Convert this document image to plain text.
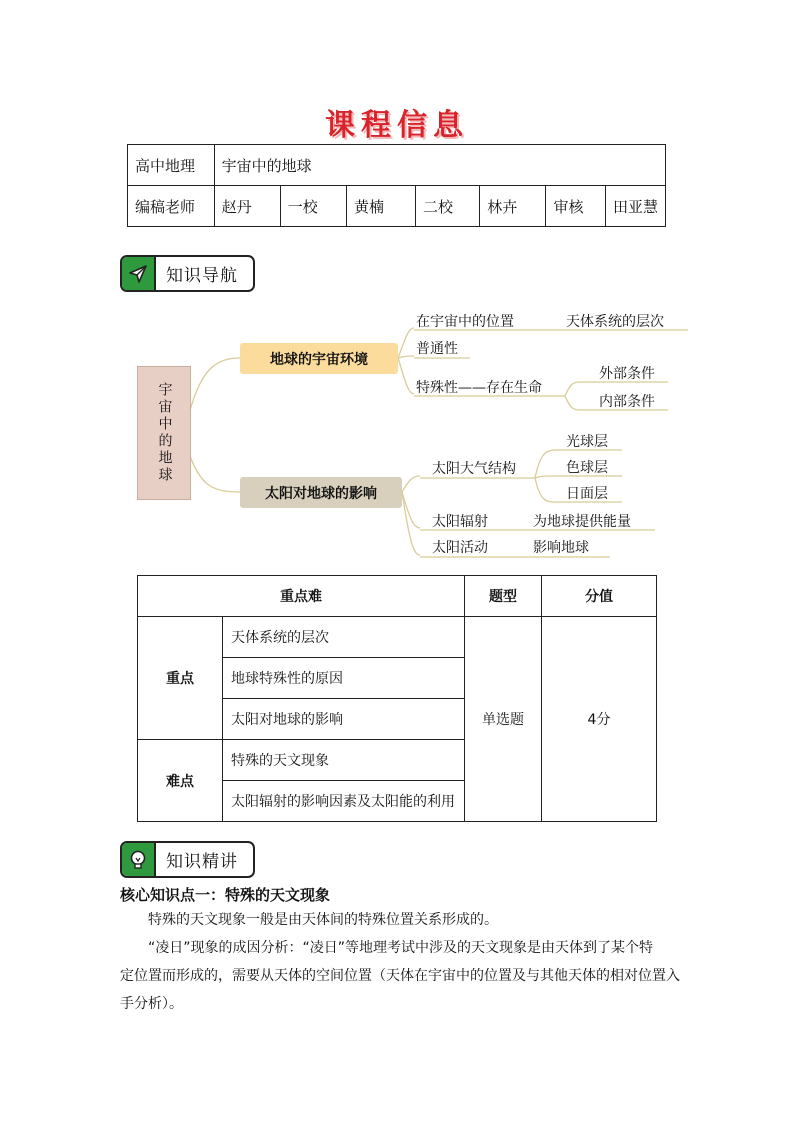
课程信息
高中地理	宇宙中的地球						
编稿老师	赵丹	一校	黄楠	二校	林卉	审核	田亚慧
知识导航
宇宙中的地球
地球的宇宙环境
太阳对地球的影响
在宇宙中的位置	天体系统的层次
普通性
特殊性——存在生命
外部条件
内部条件
太阳大气结构
光球层
色球层
日面层
太阳辐射	为地球提供能量
太阳活动	影响地球
重点难		题型	分值
重点	天体系统的层次	单选题	4分
	地球特殊性的原因		
	太阳对地球的影响		
难点	特殊的天文现象		
	太阳辐射的影响因素及太阳能的利用		
知识精讲
核心知识点一：特殊的天文现象
特殊的天文现象一般是由天体间的特殊位置关系形成的。
“凌日”现象的成因分析：“凌日”等地理考试中涉及的天文现象是由天体到了某个特
定位置而形成的，需要从天体的空间位置（天体在宇宙中的位置及与其他天体的相对位置入
手分析）。
